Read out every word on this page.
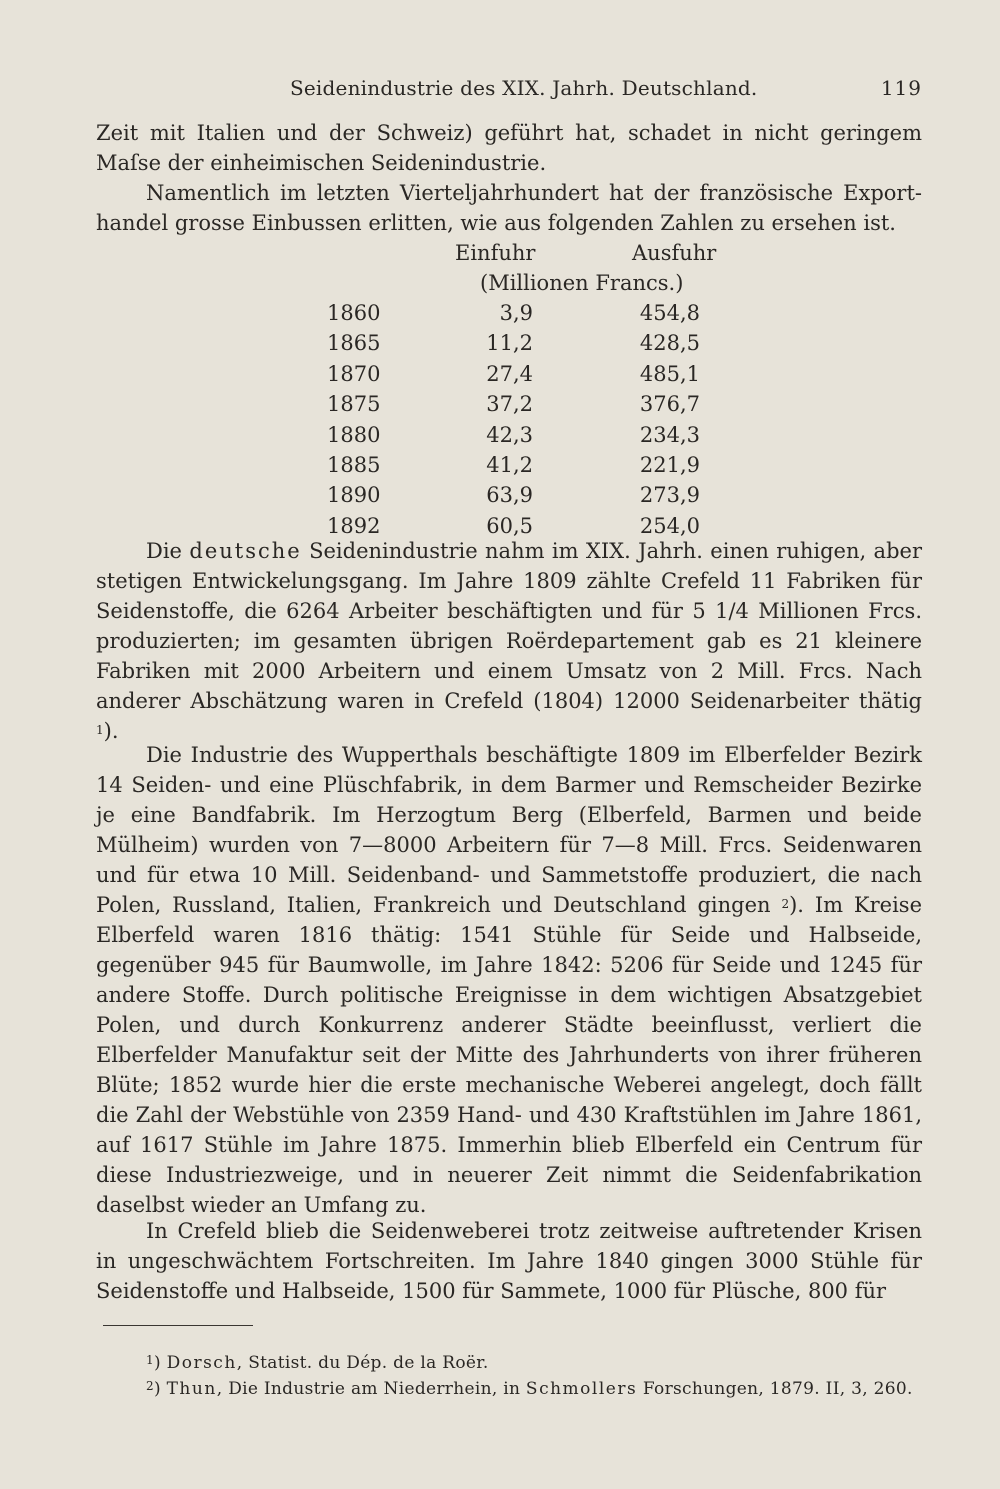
Seidenindustrie des XIX. Jahrh. Deutschland.	119

Zeit mit Italien und der Schweiz) geführt hat, schadet in nicht geringem Maſse der einheimischen Seidenindustrie.

Namentlich im letzten Vierteljahrhundert hat der französische Exporthandel grosse Einbussen erlitten, wie aus folgenden Zahlen zu ersehen ist.

Einfuhr	Ausfuhr
(Millionen Francs.)
1860	3,9	454,8
1865	11,2	428,5
1870	27,4	485,1
1875	37,2	376,7
1880	42,3	234,3
1885	41,2	221,9
1890	63,9	273,9
1892	60,5	254,0

Die deutsche Seidenindustrie nahm im XIX. Jahrh. einen ruhigen, aber stetigen Entwickelungsgang. Im Jahre 1809 zählte Crefeld 11 Fabriken für Seidenstoffe, die 6264 Arbeiter beschäftigten und für 5 1/4 Millionen Frcs. produzierten; im gesamten übrigen Roërdepartement gab es 21 kleinere Fabriken mit 2000 Arbeitern und einem Umsatz von 2 Mill. Frcs. Nach anderer Abschätzung waren in Crefeld (1804) 12000 Seidenarbeiter thätig $^1$).

Die Industrie des Wupperthals beschäftigte 1809 im Elberfelder Bezirk 14 Seiden- und eine Plüschfabrik, in dem Barmer und Remscheider Bezirke je eine Bandfabrik. Im Herzogtum Berg (Elberfeld, Barmen und beide Mülheim) wurden von 7—8000 Arbeitern für 7—8 Mill. Frcs. Seidenwaren und für etwa 10 Mill. Seidenband- und Sammetstoffe produziert, die nach Polen, Russland, Italien, Frankreich und Deutschland gingen $^2$). Im Kreise Elberfeld waren 1816 thätig: 1541 Stühle für Seide und Halbseide, gegenüber 945 für Baumwolle, im Jahre 1842: 5206 für Seide und 1245 für andere Stoffe. Durch politische Ereignisse in dem wichtigen Absatzgebiet Polen, und durch Konkurrenz anderer Städte beeinflusst, verliert die Elberfelder Manufaktur seit der Mitte des Jahrhunderts von ihrer früheren Blüte; 1852 wurde hier die erste mechanische Weberei angelegt, doch fällt die Zahl der Webstühle von 2359 Hand- und 430 Kraftstühlen im Jahre 1861, auf 1617 Stühle im Jahre 1875. Immerhin blieb Elberfeld ein Centrum für diese Industriezweige, und in neuerer Zeit nimmt die Seidenfabrikation daselbst wieder an Umfang zu.

In Crefeld blieb die Seidenweberei trotz zeitweise auftretender Krisen in ungeschwächtem Fortschreiten. Im Jahre 1840 gingen 3000 Stühle für Seidenstoffe und Halbseide, 1500 für Sammete, 1000 für Plüsche, 800 für

$^1$) Dorsch, Statist. du Dép. de la Roër.
$^2$) Thun, Die Industrie am Niederrhein, in Schmollers Forschungen, 1879. II, 3, 260.
